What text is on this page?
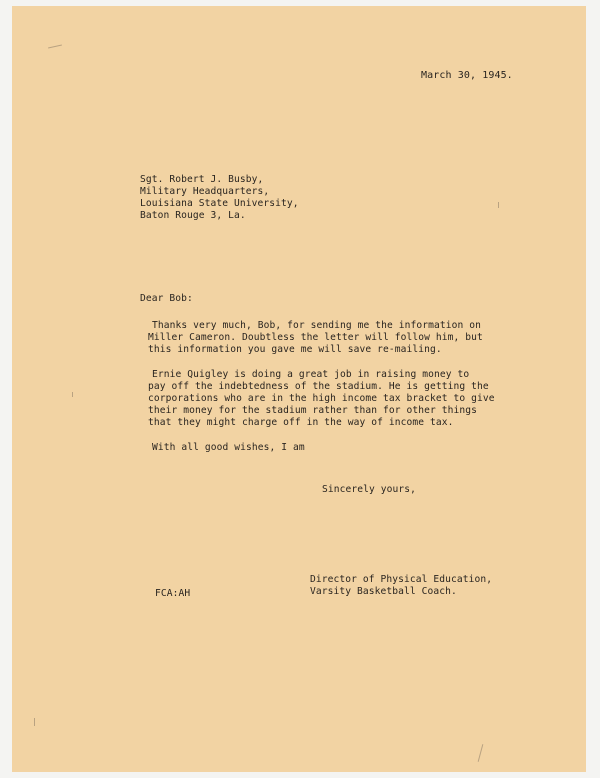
March 30, 1945.
Sgt. Robert J. Busby,
Military Headquarters,
Louisiana State University,
Baton Rouge 3, La.
Dear Bob:
Thanks very much, Bob, for sending me the information on
Miller Cameron. Doubtless the letter will follow him, but
this information you gave me will save re-mailing.
Ernie Quigley is doing a great job in raising money to
pay off the indebtedness of the stadium. He is getting the
corporations who are in the high income tax bracket to give
their money for the stadium rather than for other things
that they might charge off in the way of income tax.
With all good wishes, I am
Sincerely yours,
Director of Physical Education,
Varsity Basketball Coach.
FCA:AH
